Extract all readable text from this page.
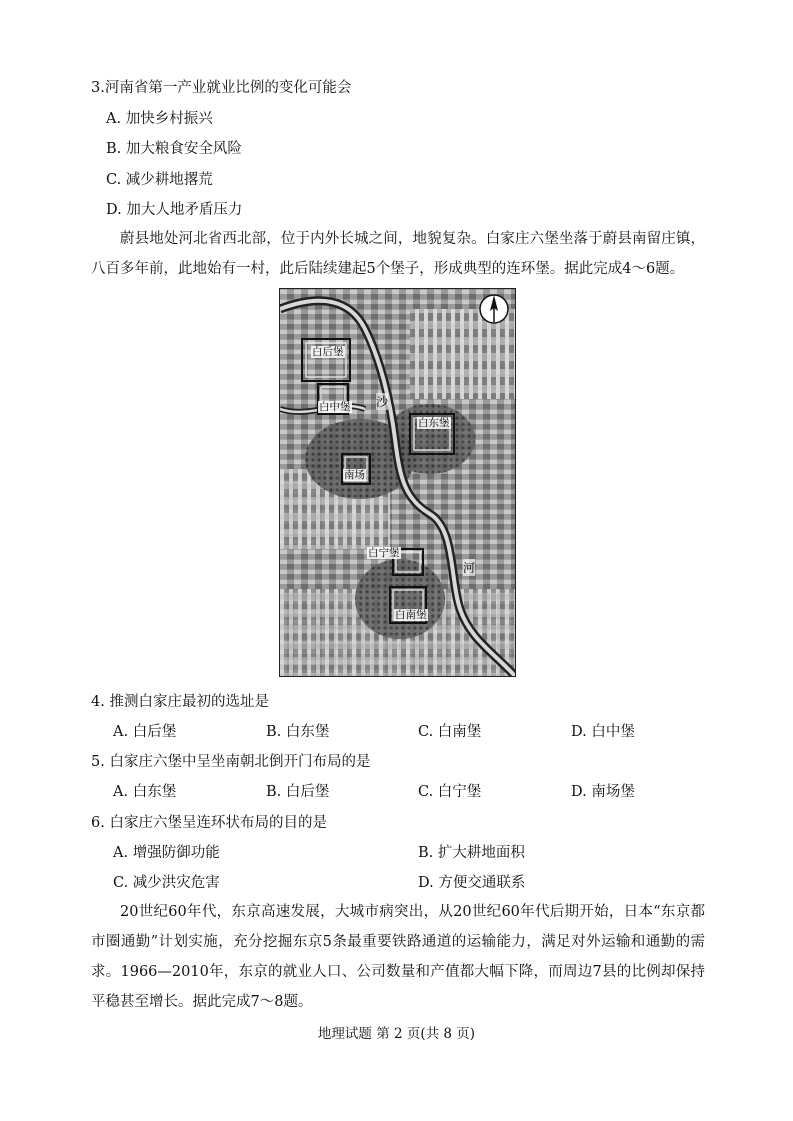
3.河南省第一产业就业比例的变化可能会
A. 加快乡村振兴
B. 加大粮食安全风险
C. 减少耕地撂荒
D. 加大人地矛盾压力
蔚县地处河北省西北部，位于内外长城之间，地貌复杂。白家庄六堡坐落于蔚县南留庄镇，八百多年前，此地始有一村，此后陆续建起5个堡子，形成典型的连环堡。据此完成4～6题。
白后堡
白中堡
白东堡
南场
白宁堡
白南堡
沙
河
4. 推测白家庄最初的选址是
A. 白后堡	B. 白东堡	C. 白南堡	D. 白中堡
5. 白家庄六堡中呈坐南朝北倒开门布局的是
A. 白东堡	B. 白后堡	C. 白宁堡	D. 南场堡
6. 白家庄六堡呈连环状布局的目的是
A. 增强防御功能	B. 扩大耕地面积
C. 减少洪灾危害	D. 方便交通联系
20世纪60年代，东京高速发展，大城市病突出，从20世纪60年代后期开始，日本“东京都市圈通勤”计划实施，充分挖掘东京5条最重要铁路通道的运输能力，满足对外运输和通勤的需求。1966—2010年，东京的就业人口、公司数量和产值都大幅下降，而周边7县的比例却保持平稳甚至增长。据此完成7～8题。
地理试题 第 2 页(共 8 页)
